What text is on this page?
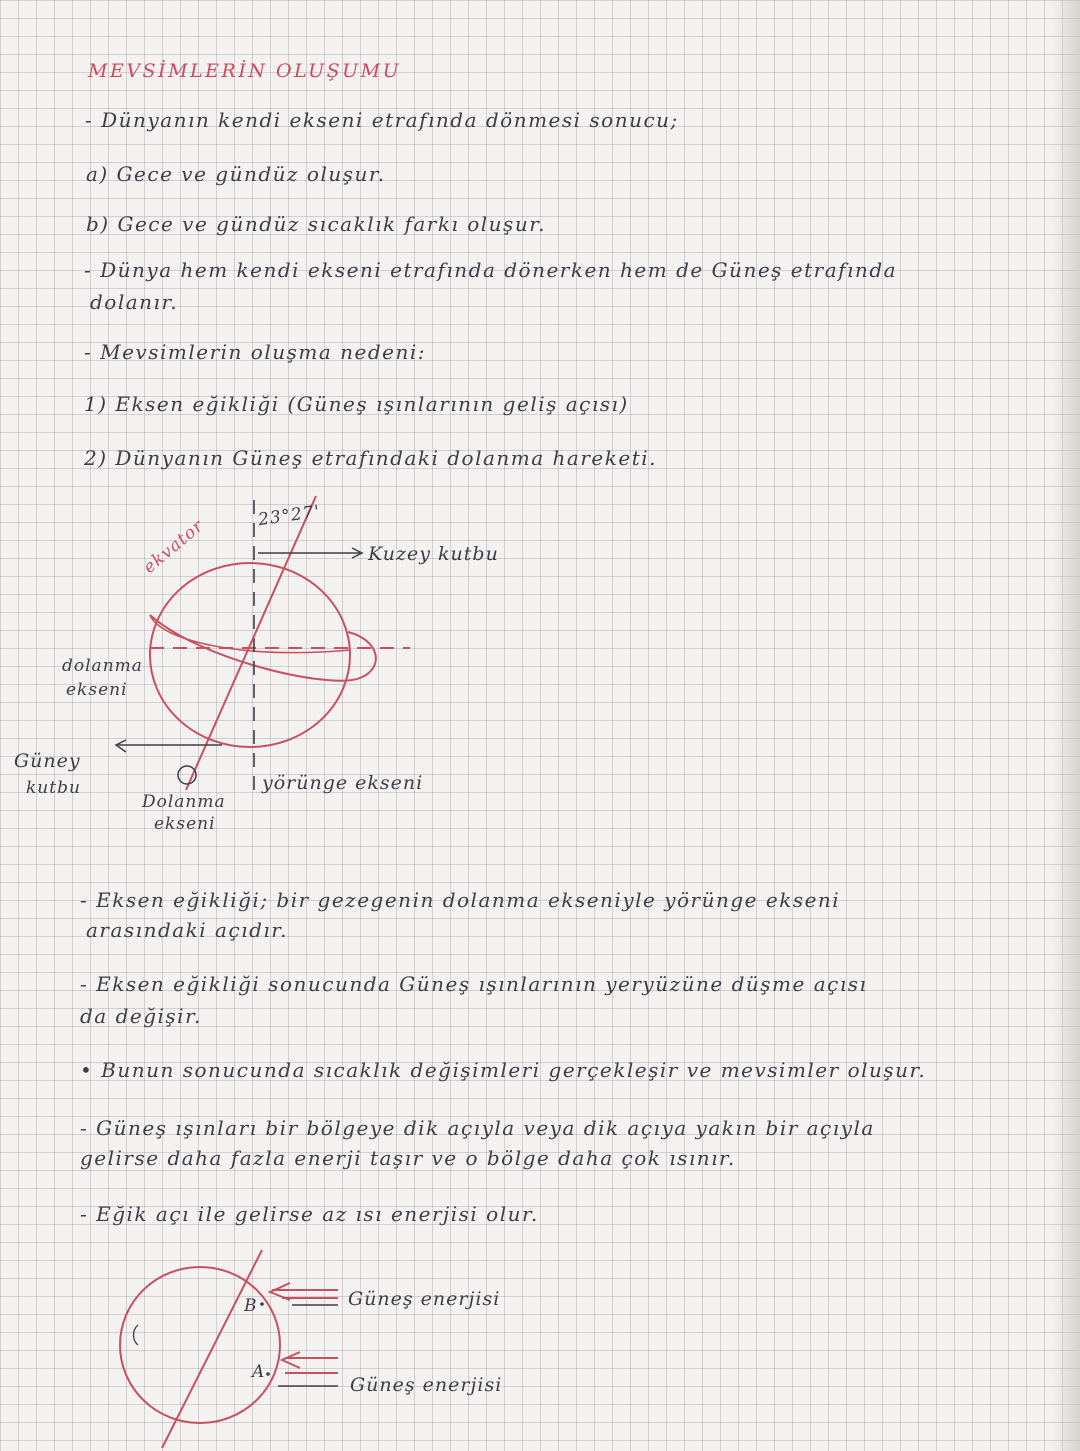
MEVSİMLERİN OLUŞUMU
- Dünyanın kendi ekseni etrafında dönmesi sonucu;
a) Gece ve gündüz oluşur.
b) Gece ve gündüz sıcaklık farkı oluşur.
- Dünya hem kendi ekseni etrafında dönerken hem de Güneş etrafında
dolanır.
- Mevsimlerin oluşma nedeni:
1) Eksen eğikliği (Güneş ışınlarının geliş açısı)
2) Dünyanın Güneş etrafındaki dolanma hareketi.
23°27'
ekvator	Kuzey kutbu
dolanma
ekseni
Güney
kutbu
Dolanma
ekseni
yörünge ekseni
- Eksen eğikliği; bir gezegenin dolanma ekseniyle yörünge ekseni
arasındaki açıdır.
- Eksen eğikliği sonucunda Güneş ışınlarının yeryüzüne düşme açısı
da değişir.
• Bunun sonucunda sıcaklık değişimleri gerçekleşir ve mevsimler oluşur.
- Güneş ışınları bir bölgeye dik açıyla veya dik açıya yakın bir açıyla
gelirse daha fazla enerji taşır ve o bölge daha çok ısınır.
- Eğik açı ile gelirse az ısı enerjisi olur.
B
A
Güneş enerjisi
Güneş enerjisi
